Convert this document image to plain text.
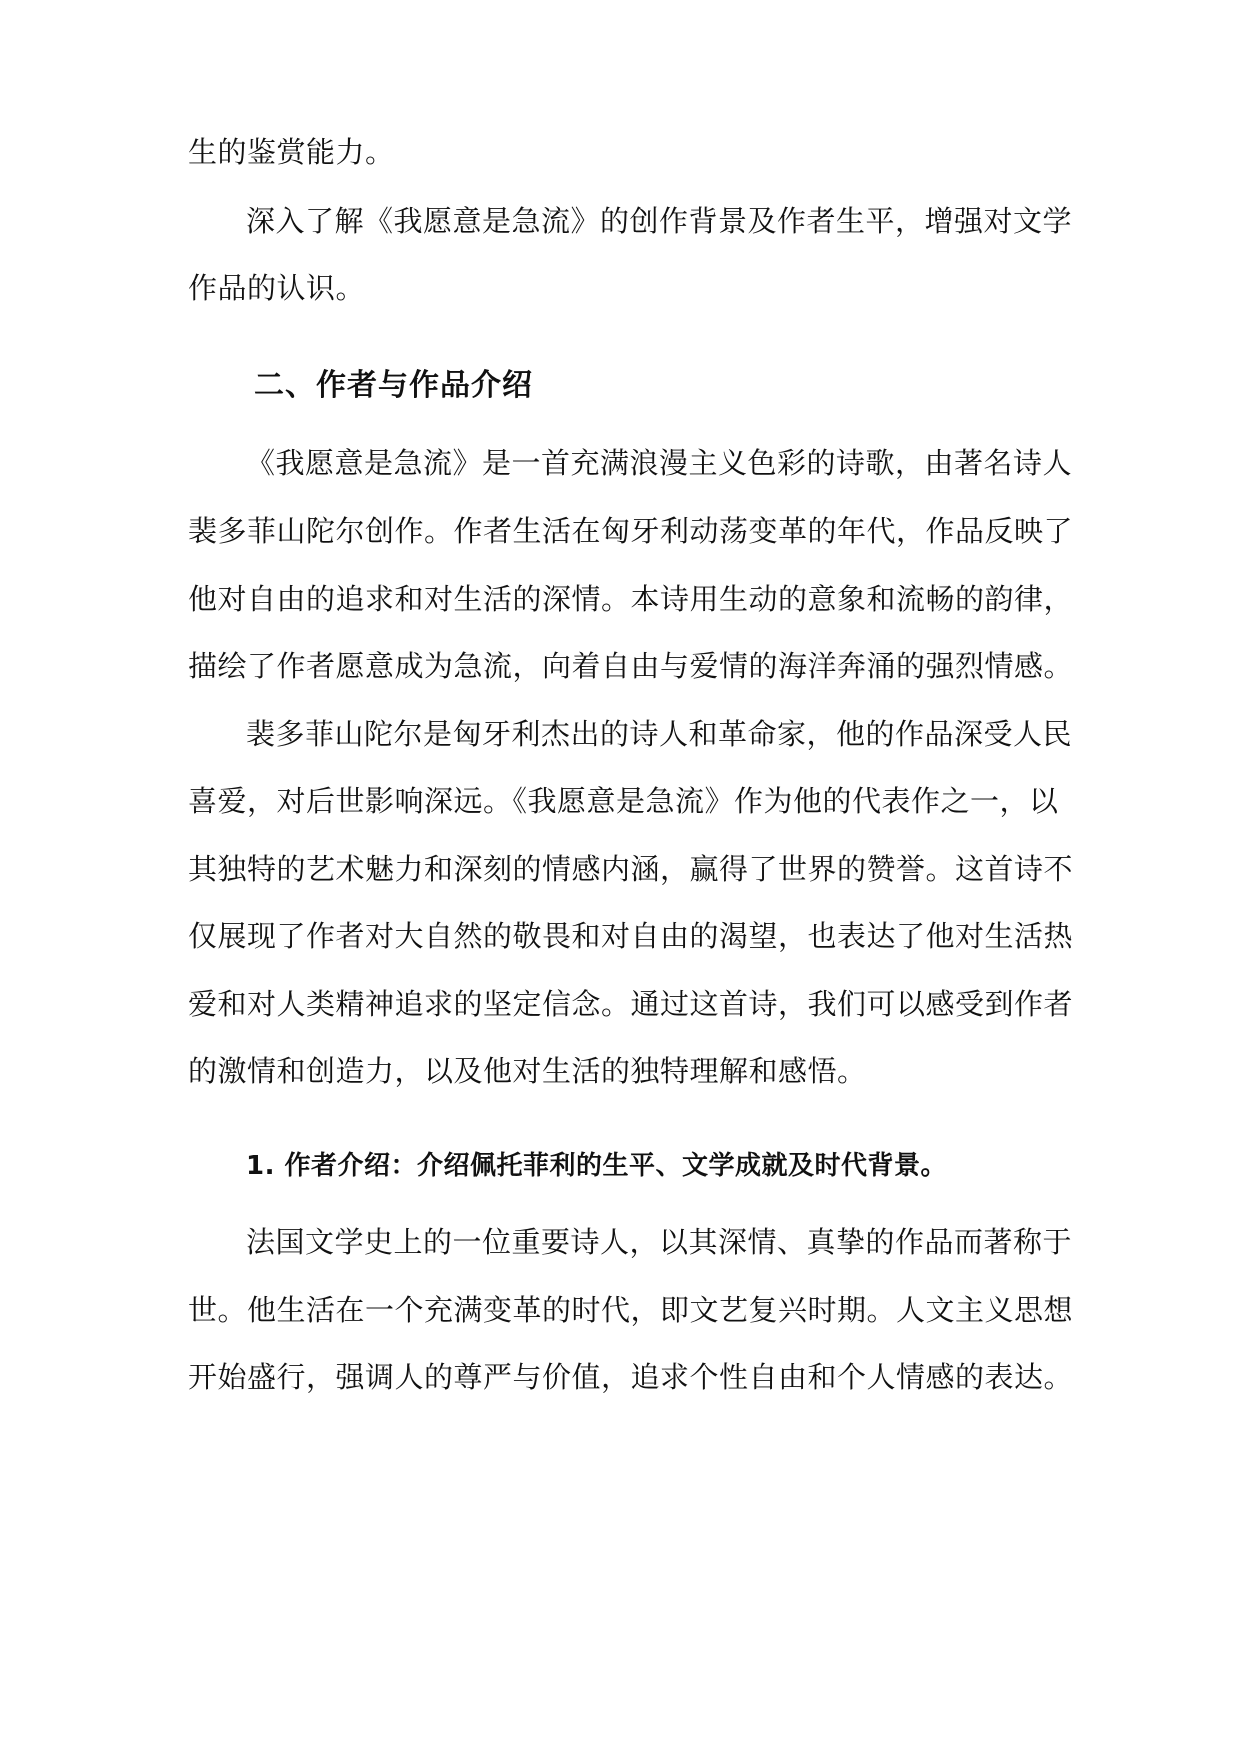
生的鉴赏能力。
深入了解《我愿意是急流》的创作背景及作者生平，增强对文学
作品的认识。
二、作者与作品介绍
《我愿意是急流》是一首充满浪漫主义色彩的诗歌，由著名诗人
裴多菲山陀尔创作。作者生活在匈牙利动荡变革的年代，作品反映了
他对自由的追求和对生活的深情。本诗用生动的意象和流畅的韵律，
描绘了作者愿意成为急流，向着自由与爱情的海洋奔涌的强烈情感。
裴多菲山陀尔是匈牙利杰出的诗人和革命家，他的作品深受人民
喜爱，对后世影响深远。《我愿意是急流》作为他的代表作之一，以
其独特的艺术魅力和深刻的情感内涵，赢得了世界的赞誉。这首诗不
仅展现了作者对大自然的敬畏和对自由的渴望，也表达了他对生活热
爱和对人类精神追求的坚定信念。通过这首诗，我们可以感受到作者
的激情和创造力，以及他对生活的独特理解和感悟。
1. 作者介绍：介绍佩托菲利的生平、文学成就及时代背景。
法国文学史上的一位重要诗人，以其深情、真挚的作品而著称于
世。他生活在一个充满变革的时代，即文艺复兴时期。人文主义思想
开始盛行，强调人的尊严与价值，追求个性自由和个人情感的表达。
